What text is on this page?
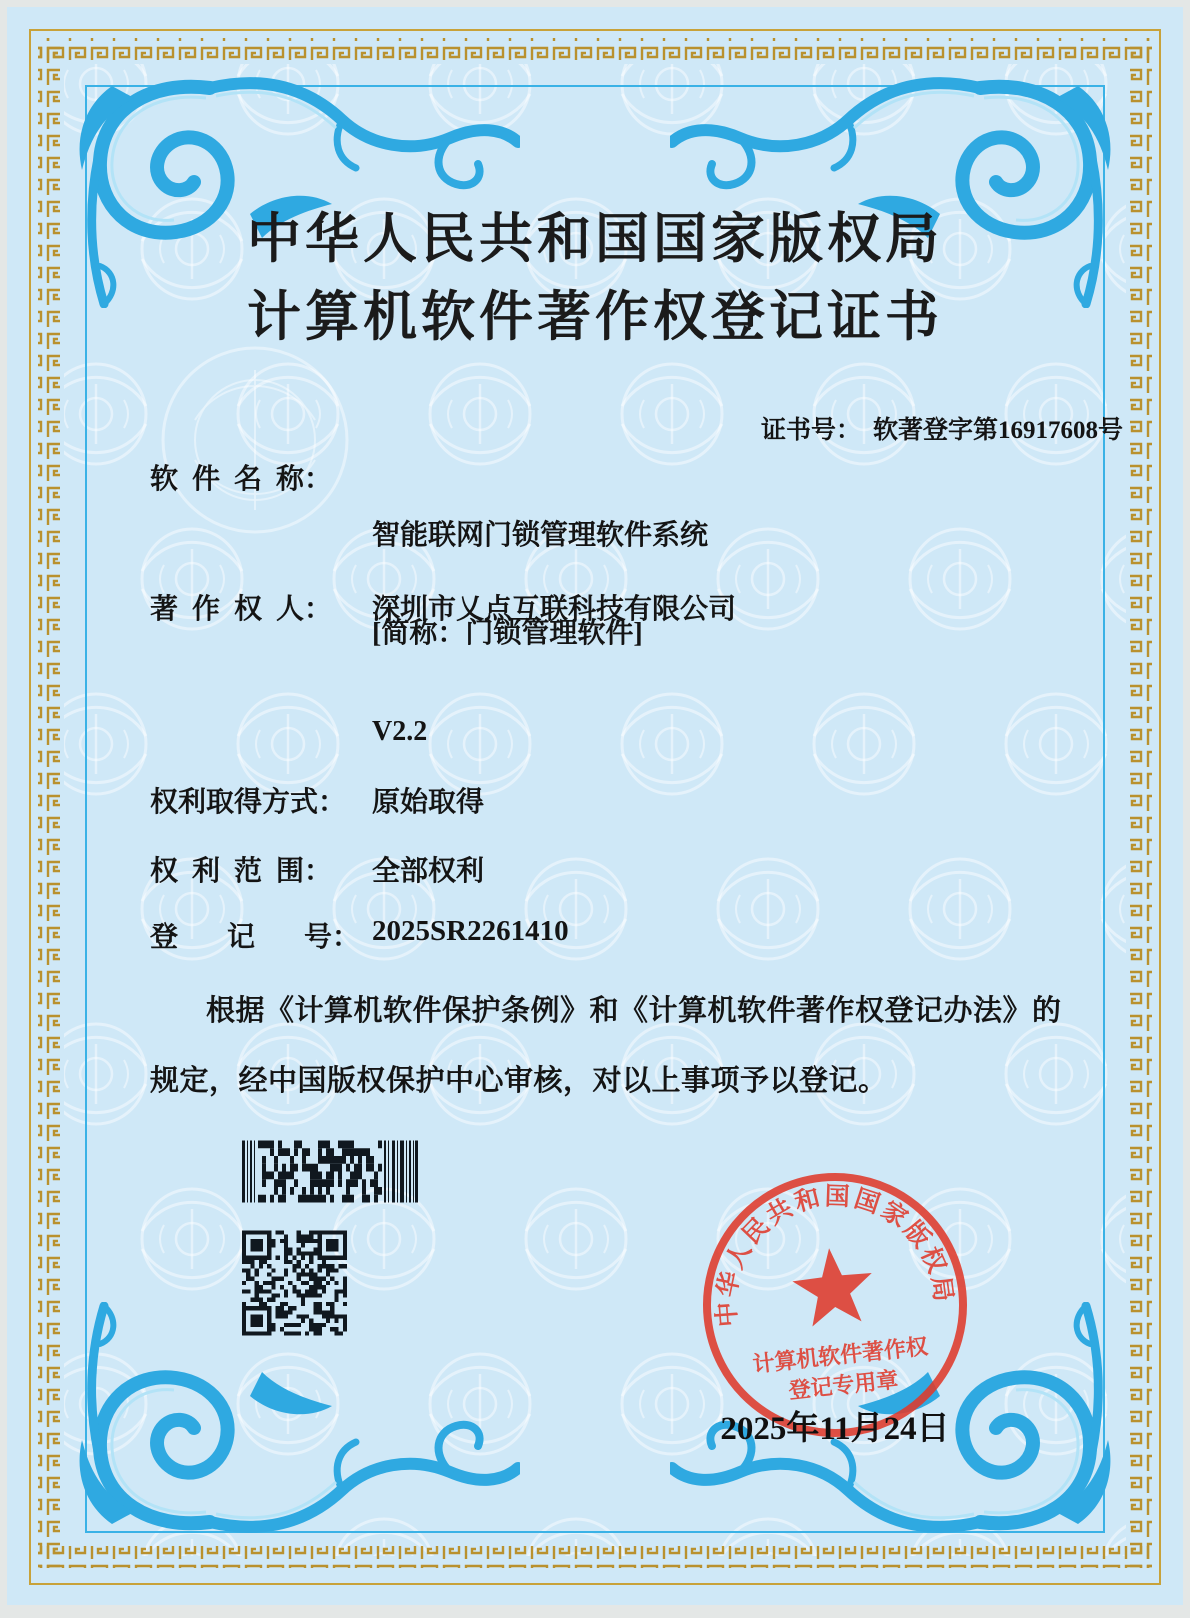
中华人民共和国国家版权局
计算机软件著作权登记证书

证书号： 软著登字第16917608号

软  件  名  称：

智能联网门锁管理软件系统

[简称：门锁管理软件]

V2.2

著  作  权  人： 深圳市乂点互联科技有限公司
权利取得方式： 原始取得
权  利  范  围： 全部权利
登　   记　   号： 2025SR2261410
根据《计算机软件保护条例》和《计算机软件著作权登记办法》的
规定，经中国版权保护中心审核，对以上事项予以登记。
中华人民共和国国家版权局
计算机软件著作权
登记专用章
2025年11月24日
